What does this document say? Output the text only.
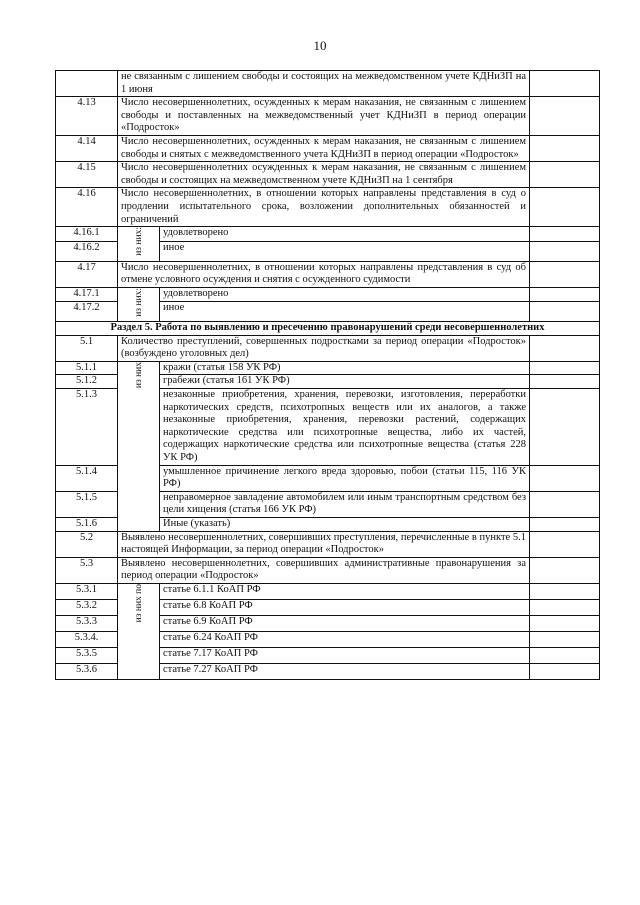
10
	не связанным с лишением свободы и состоящих на межведомственном учете КДНиЗП на 1 июня		
4.13	Число несовершеннолетних, осужденных к мерам наказания, не связанным с лишением свободы и поставленных на межведомственный учет КДНиЗП в период операции «Подросток»		
4.14	Число несовершеннолетних, осужденных к мерам наказания, не связанным с лишением свободы и снятых с межведомственного учета КДНиЗП в период операции «Подросток»		
4.15	Число несовершеннолетних осужденных к мерам наказания, не связанным с лишением свободы и состоящих на межведомственном учете КДНиЗП на 1 сентября		
4.16	Число несовершеннолетних, в отношении которых направлены представления в суд о продлении испытательного срока, возложении дополнительных обязанностей и ограничений		
4.16.1	из них:	удовлетворено	
4.16.2		иное	
4.17	Число несовершеннолетних, в отношении которых направлены представления в суд об отмене условного осуждения и снятия с осужденного судимости		
4.17.1	из них:	удовлетворено	
4.17.2		иное	
Раздел 5. Работа по выявлению и пресечению правонарушений среди несовершеннолетних			
5.1	Количество преступлений, совершенных подростками за период операции «Подросток» (возбуждено уголовных дел)		
5.1.1	из них	кражи (статья 158 УК РФ)	
5.1.2		грабежи (статья 161 УК РФ)	
5.1.3		незаконные приобретения, хранения, перевозки, изготовления, переработки наркотических средств, психотропных веществ или их аналогов, а также незаконные приобретения, хранения, перевозки растений, содержащих наркотические средства или психотропные вещества, либо их частей, содержащих наркотические средства или психотропные вещества (статья 228 УК РФ)	
5.1.4		умышленное причинение легкого вреда здоровью, побои (статьи 115, 116 УК РФ)	
5.1.5		неправомерное завладение автомобилем или иным транспортным средством без цели хищения (статья 166 УК РФ)	
5.1.6		Иные (указать)	
5.2	Выявлено несовершеннолетних, совершивших преступления, перечисленные в пункте 5.1 настоящей Информации, за период операции «Подросток»		
5.3	Выявлено несовершеннолетних, совершивших административные правонарушения за период операции «Подросток»		
5.3.1	из них по	статье 6.1.1 КоАП РФ	
5.3.2		статье 6.8 КоАП РФ	
5.3.3		статье 6.9 КоАП РФ	
5.3.4.		статье 6.24 КоАП РФ	
5.3.5		статье 7.17 КоАП РФ	
5.3.6		статье 7.27 КоАП РФ	
